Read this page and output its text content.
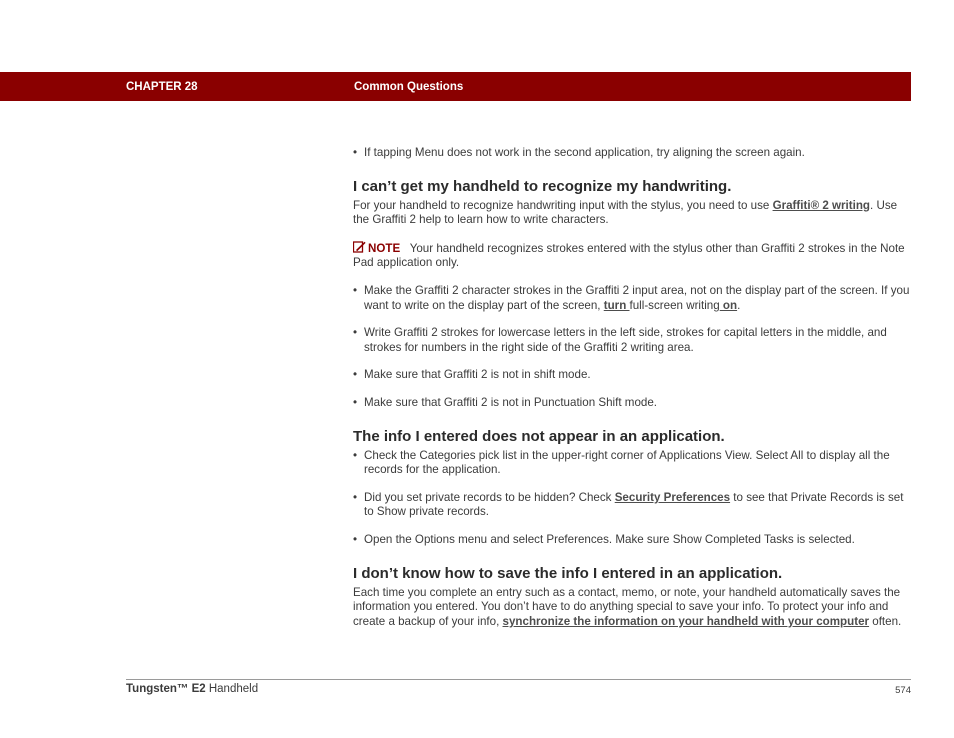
CHAPTER 28	Common Questions
• If tapping Menu does not work in the second application, try aligning the screen again.
I can’t get my handheld to recognize my handwriting.

For your handheld to recognize handwriting input with the stylus, you need to use Graffiti® 2 writing. Use the Graffiti 2 help to learn how to write characters.

NOTE Your handheld recognizes strokes entered with the stylus other than Graffiti 2 strokes in the Note Pad application only.

• Make the Graffiti 2 character strokes in the Graffiti 2 input area, not on the display part of the screen. If you want to write on the display part of the screen, turn full-screen writing on.
• Write Graffiti 2 strokes for lowercase letters in the left side, strokes for capital letters in the middle, and strokes for numbers in the right side of the Graffiti 2 writing area.
• Make sure that Graffiti 2 is not in shift mode.
• Make sure that Graffiti 2 is not in Punctuation Shift mode.
The info I entered does not appear in an application.
• Check the Categories pick list in the upper-right corner of Applications View. Select All to display all the records for the application.
• Did you set private records to be hidden? Check Security Preferences to see that Private Records is set to Show private records.
• Open the Options menu and select Preferences. Make sure Show Completed Tasks is selected.
I don’t know how to save the info I entered in an application.

Each time you complete an entry such as a contact, memo, or note, your handheld automatically saves the information you entered. You don’t have to do anything special to save your info. To protect your info and create a backup of your info, synchronize the information on your handheld with your computer often.

Tungsten™ E2 Handheld	574
